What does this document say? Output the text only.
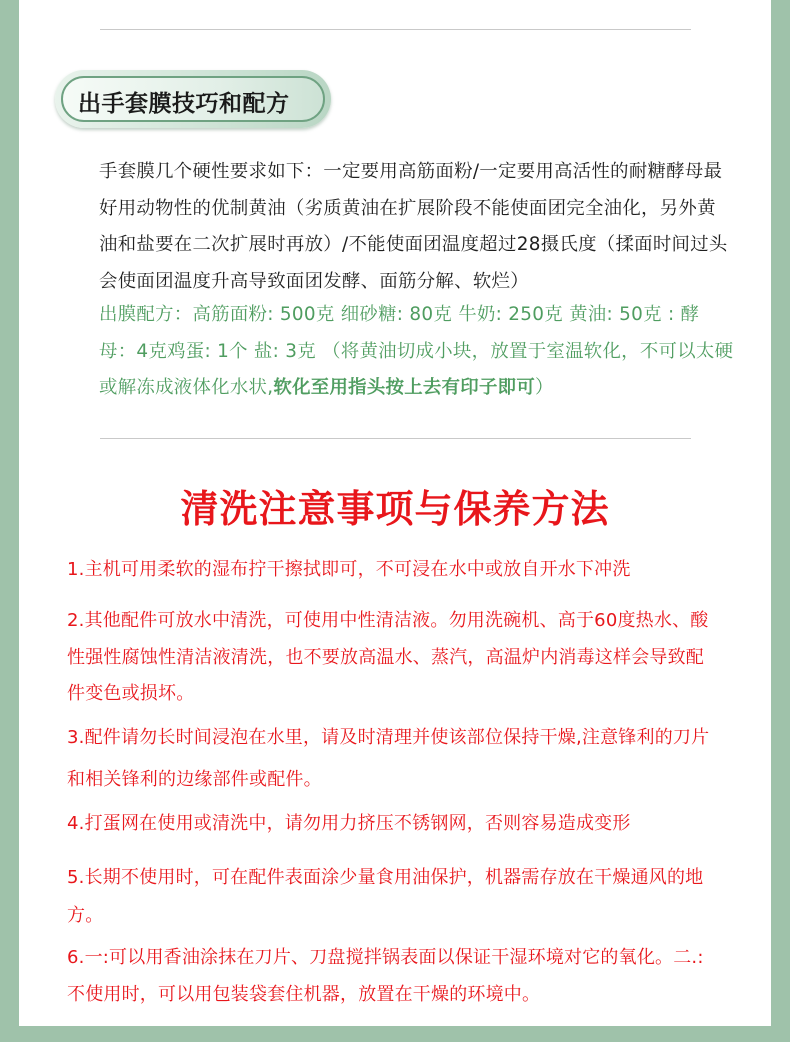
出手套膜技巧和配方
手套膜几个硬性要求如下：一定要用高筋面粉/一定要用高活性的耐糖酵母最好用动物性的优制黄油（劣质黄油在扩展阶段不能使面团完全油化，另外黄油和盐要在二次扩展时再放）/不能使面团温度超过28摄氏度（揉面时间过头会使面团温度升高导致面团发酵、面筋分解、软烂）
出膜配方：高筋面粉: 500克 细砂糖: 80克 牛奶: 250克 黄油: 50克 : 酵母：4克鸡蛋: 1个 盐: 3克 （将黄油切成小块，放置于室温软化，不可以太硬或解冻成液体化水状,软化至用指头按上去有印子即可）
清洗注意事项与保养方法
1.主机可用柔软的湿布拧干擦拭即可，不可浸在水中或放自开水下冲洗
2.其他配件可放水中清洗，可使用中性清洁液。勿用洗碗机、高于60度热水、酸性强性腐蚀性清洁液清洗，也不要放高温水、蒸汽，高温炉内消毒这样会导致配件变色或损坏。
3.配件请勿长时间浸泡在水里，请及时清理并使该部位保持干燥,注意锋利的刀片和相关锋利的边缘部件或配件。
4.打蛋网在使用或清洗中，请勿用力挤压不锈钢网，否则容易造成变形
5.长期不使用时，可在配件表面涂少量食用油保护，机器需存放在干燥通风的地方。
6.一:可以用香油涂抹在刀片、刀盘搅拌锅表面以保证干湿环境对它的氧化。二.:不使用时，可以用包装袋套住机器，放置在干燥的环境中。
